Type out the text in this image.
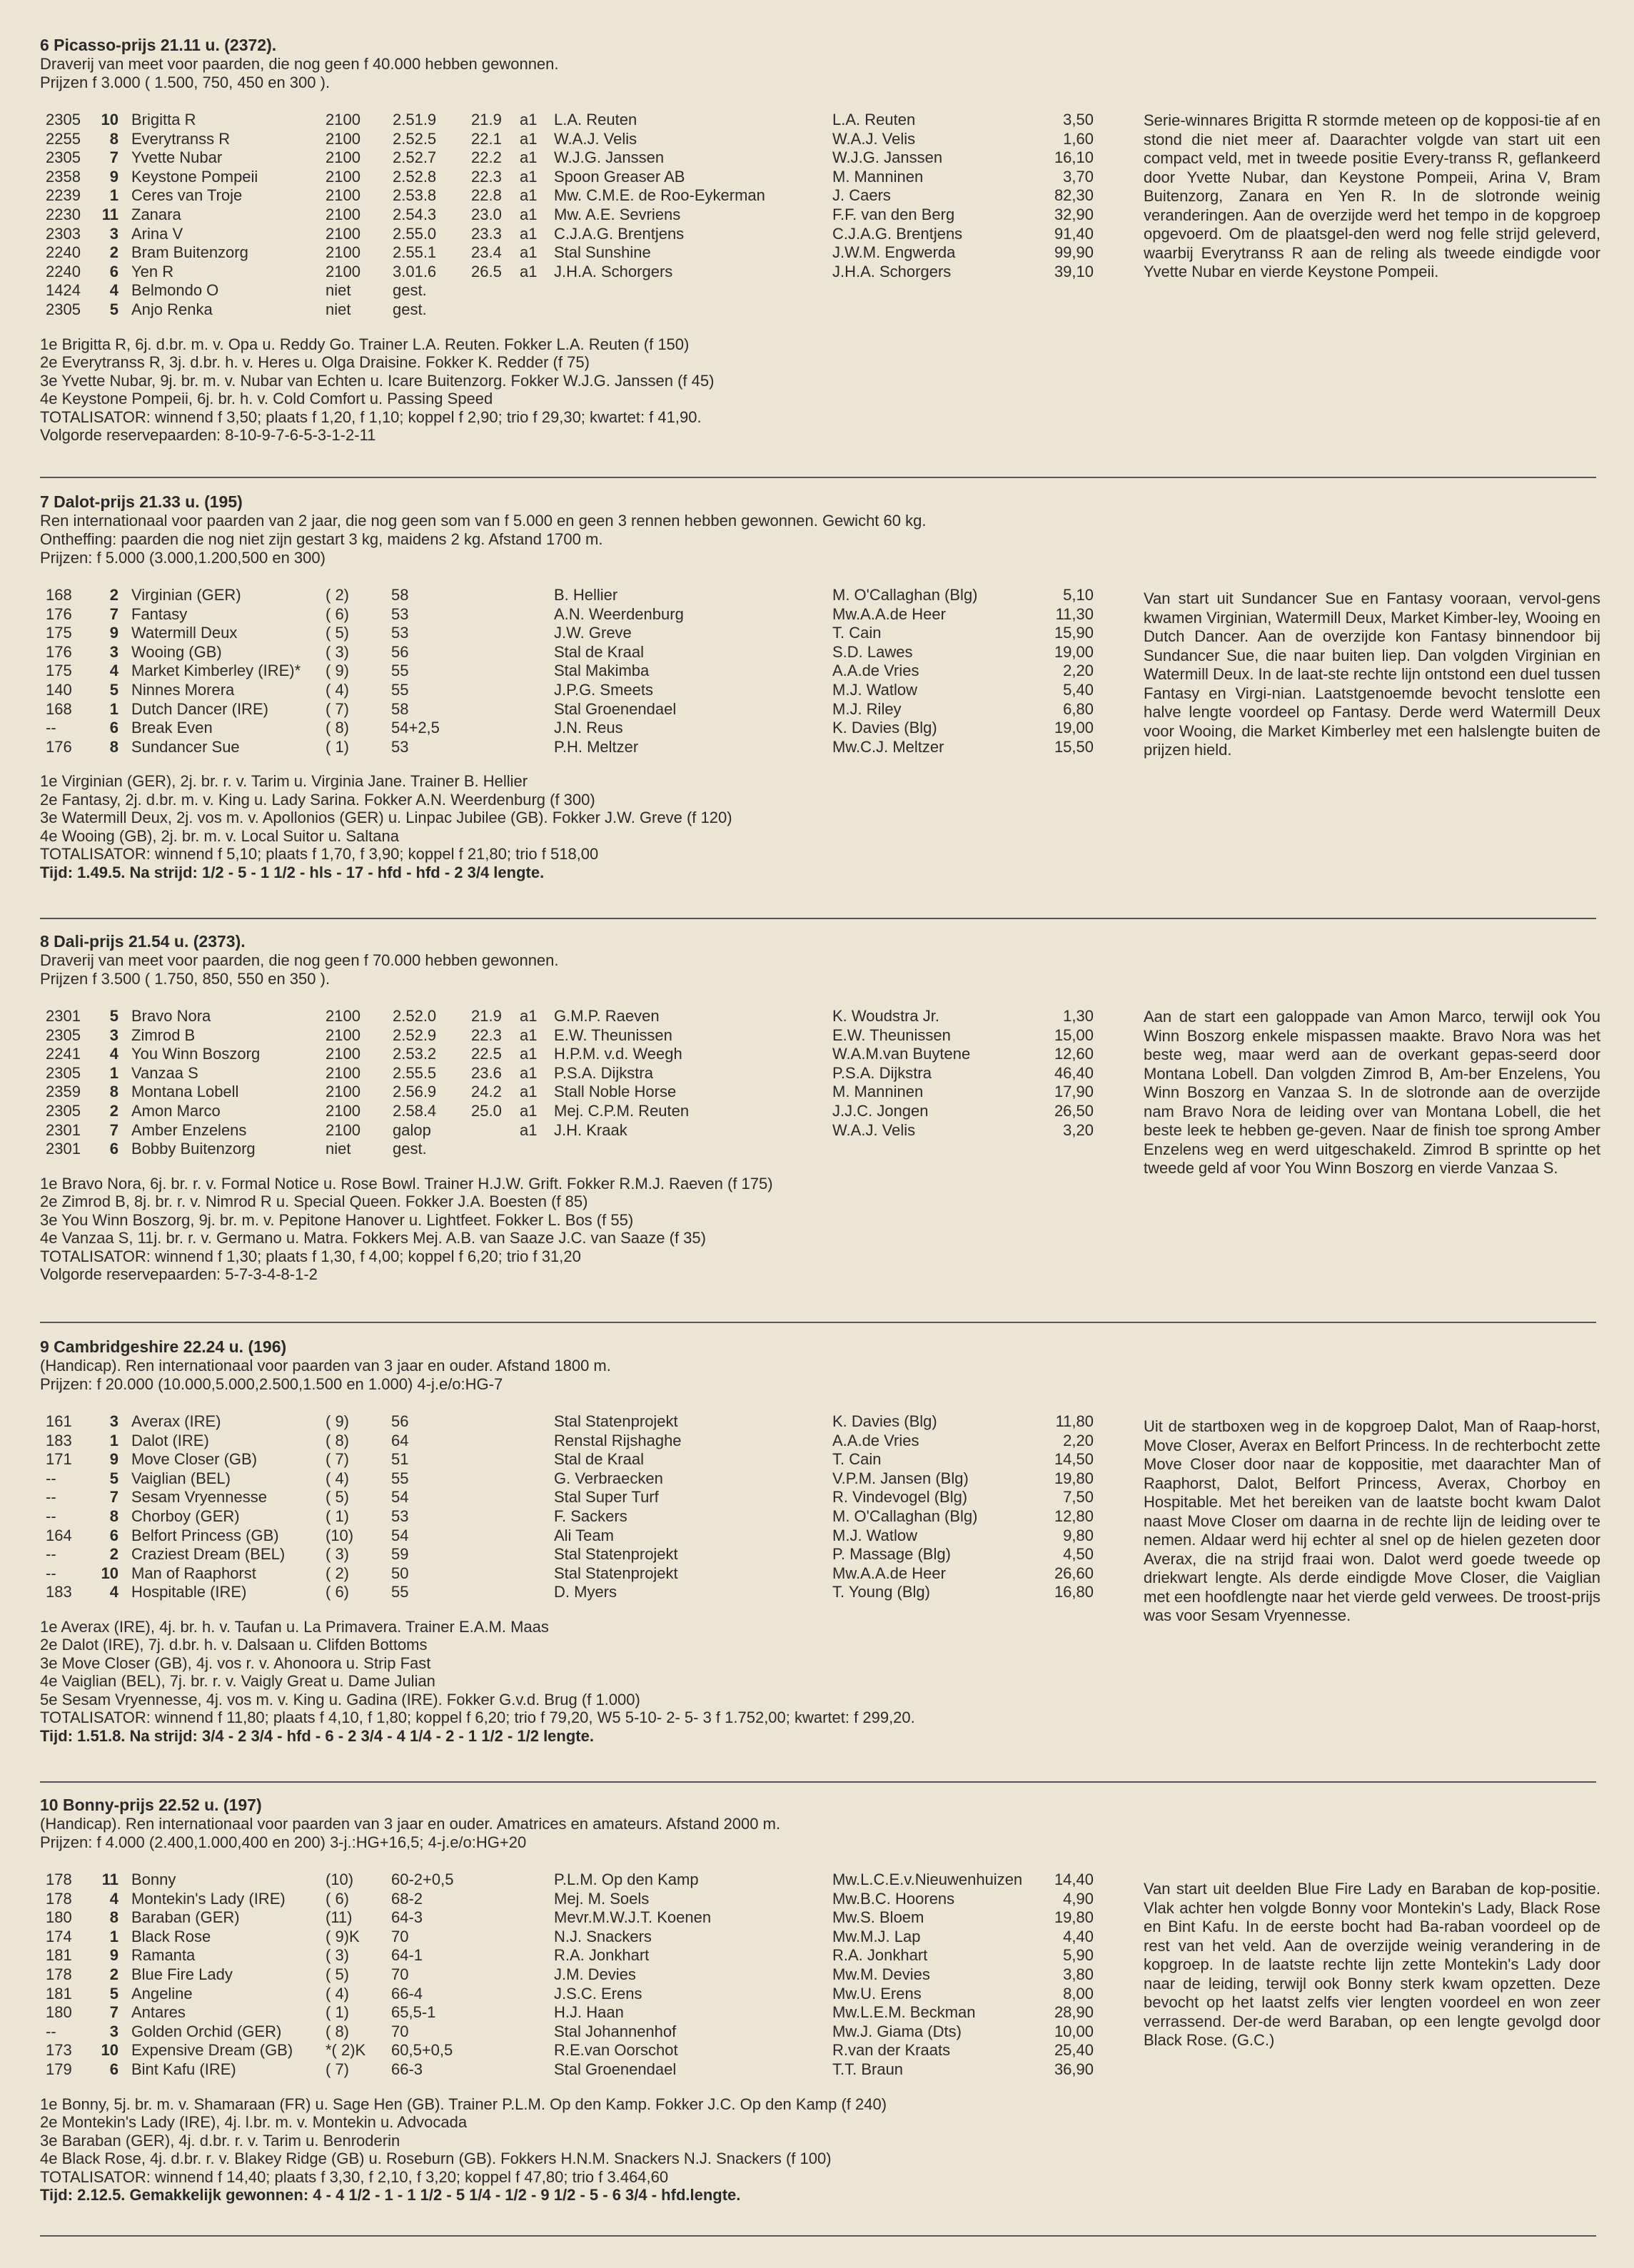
6 Picasso-prijs 21.11 u. (2372).
Draverij van meet voor paarden, die nog geen f 40.000 hebben gewonnen.
Prijzen f 3.000 ( 1.500, 750, 450 en 300 ).
2305	10 Brigitta R	2100 2.51.9 21.9 a1 L.A. Reuten	L.A. Reuten	3,50
2255	8 Everytranss R	2100 2.52.5 22.1 a1 W.A.J. Velis	W.A.J. Velis	1,60
2305	7 Yvette Nubar	2100 2.52.7 22.2 a1 W.J.G. Janssen	W.J.G. Janssen	16,10
2358	9 Keystone Pompeii	2100 2.52.8 22.3 a1 Spoon Greaser AB	M. Manninen	3,70
2239	1 Ceres van Troje	2100 2.53.8 22.8 a1 Mw. C.M.E. de Roo-Eykerman	J. Caers	82,30
2230	11 Zanara	2100 2.54.3 23.0 a1 Mw. A.E. Sevriens	F.F. van den Berg	32,90
2303	3 Arina V	2100 2.55.0 23.3 a1 C.J.A.G. Brentjens	C.J.A.G. Brentjens	91,40
2240	2 Bram Buitenzorg	2100 2.55.1 23.4 a1 Stal Sunshine	J.W.M. Engwerda	99,90
2240	6 Yen R	2100 3.01.6 26.5 a1 J.H.A. Schorgers	J.H.A. Schorgers	39,10
1424	4 Belmondo O	niet	gest.
2305	5 Anjo Renka	niet	gest.
1e Brigitta R, 6j. d.br. m. v. Opa u. Reddy Go. Trainer L.A. Reuten. Fokker L.A. Reuten (f 150)
2e Everytranss R, 3j. d.br. h. v. Heres u. Olga Draisine. Fokker K. Redder (f 75)
3e Yvette Nubar, 9j. br. m. v. Nubar van Echten u. Icare Buitenzorg. Fokker W.J.G. Janssen (f 45)
4e Keystone Pompeii, 6j. br. h. v. Cold Comfort u. Passing Speed
TOTALISATOR: winnend f 3,50; plaats f 1,20, f 1,10; koppel f 2,90; trio f 29,30; kwartet: f 41,90.
Volgorde reservepaarden: 8-10-9-7-6-5-3-1-2-11
Serie-winnares Brigitta R stormde meteen op de kopposi-tie af en stond die niet meer af. Daarachter volgde van start uit een compact veld, met in tweede positie Every-transs R, geflankeerd door Yvette Nubar, dan Keystone Pompeii, Arina V, Bram Buitenzorg, Zanara en Yen R. In de slotronde weinig veranderingen. Aan de overzijde werd het tempo in de kopgroep opgevoerd. Om de plaatsgel-den werd nog felle strijd geleverd, waarbij Everytranss R aan de reling als tweede eindigde voor Yvette Nubar en vierde Keystone Pompeii.
7 Dalot-prijs 21.33 u. (195)
Ren internationaal voor paarden van 2 jaar, die nog geen som van f 5.000 en geen 3 rennen hebben gewonnen. Gewicht 60 kg.
Ontheffing: paarden die nog niet zijn gestart 3 kg, maidens 2 kg. Afstand 1700 m.
Prijzen: f 5.000 (3.000,1.200,500 en 300)
168	2 Virginian (GER)	( 2)	58	B. Hellier	M. O'Callaghan (Blg)	5,10
176	7 Fantasy	( 6)	53	A.N. Weerdenburg	Mw.A.A.de Heer	11,30
175	9 Watermill Deux	( 5)	53	J.W. Greve	T. Cain	15,90
176	3 Wooing (GB)	( 3)	56	Stal de Kraal	S.D. Lawes	19,00
175	4 Market Kimberley (IRE)* ( 9)	55	Stal Makimba	A.A.de Vries	2,20
140	5 Ninnes Morera	( 4)	55	J.P.G. Smeets	M.J. Watlow	5,40
168	1 Dutch Dancer (IRE)	( 7)	58	Stal Groenendael	M.J. Riley	6,80
--	6 Break Even	( 8)	54+2,5	J.N. Reus	K. Davies (Blg)	19,00
176	8 Sundancer Sue	( 1)	53	P.H. Meltzer	Mw.C.J. Meltzer	15,50
1e Virginian (GER), 2j. br. r. v. Tarim u. Virginia Jane. Trainer B. Hellier
2e Fantasy, 2j. d.br. m. v. King u. Lady Sarina. Fokker A.N. Weerdenburg (f 300)
3e Watermill Deux, 2j. vos m. v. Apollonios (GER) u. Linpac Jubilee (GB). Fokker J.W. Greve (f 120)
4e Wooing (GB), 2j. br. m. v. Local Suitor u. Saltana
TOTALISATOR: winnend f 5,10; plaats f 1,70, f 3,90; koppel f 21,80; trio f 518,00
Tijd: 1.49.5. Na strijd: 1/2 - 5 - 1 1/2 - hls - 17 - hfd - hfd - 2 3/4 lengte.
Van start uit Sundancer Sue en Fantasy vooraan, vervol-gens kwamen Virginian, Watermill Deux, Market Kimber-ley, Wooing en Dutch Dancer. Aan de overzijde kon Fantasy binnendoor bij Sundancer Sue, die naar buiten liep. Dan volgden Virginian en Watermill Deux. In de laat-ste rechte lijn ontstond een duel tussen Fantasy en Virgi-nian. Laatstgenoemde bevocht tenslotte een halve lengte voordeel op Fantasy. Derde werd Watermill Deux voor Wooing, die Market Kimberley met een halslengte buiten de prijzen hield.
8 Dali-prijs 21.54 u. (2373).
Draverij van meet voor paarden, die nog geen f 70.000 hebben gewonnen.
Prijzen f 3.500 ( 1.750, 850, 550 en 350 ).
2301	5 Bravo Nora	2100 2.52.0 21.9 a1 G.M.P. Raeven	K. Woudstra Jr.	1,30
2305	3 Zimrod B	2100 2.52.9 22.3 a1 E.W. Theunissen	E.W. Theunissen	15,00
2241	4 You Winn Boszorg	2100 2.53.2 22.5 a1 H.P.M. v.d. Weegh	W.A.M.van Buytene	12,60
2305	1 Vanzaa S	2100 2.55.5 23.6 a1 P.S.A. Dijkstra	P.S.A. Dijkstra	46,40
2359	8 Montana Lobell	2100 2.56.9 24.2 a1 Stall Noble Horse	M. Manninen	17,90
2305	2 Amon Marco	2100 2.58.4 25.0 a1 Mej. C.P.M. Reuten	J.J.C. Jongen	26,50
2301	7 Amber Enzelens	2100 galop	a1 J.H. Kraak	W.A.J. Velis	3,20
2301	6 Bobby Buitenzorg	niet	gest.
1e Bravo Nora, 6j. br. r. v. Formal Notice u. Rose Bowl. Trainer H.J.W. Grift. Fokker R.M.J. Raeven (f 175)
2e Zimrod B, 8j. br. r. v. Nimrod R u. Special Queen. Fokker J.A. Boesten (f 85)
3e You Winn Boszorg, 9j. br. m. v. Pepitone Hanover u. Lightfeet. Fokker L. Bos (f 55)
4e Vanzaa S, 11j. br. r. v. Germano u. Matra. Fokkers Mej. A.B. van Saaze J.C. van Saaze (f 35)
TOTALISATOR: winnend f 1,30; plaats f 1,30, f 4,00; koppel f 6,20; trio f 31,20
Volgorde reservepaarden: 5-7-3-4-8-1-2
Aan de start een galoppade van Amon Marco, terwijl ook You Winn Boszorg enkele mispassen maakte. Bravo Nora was het beste weg, maar werd aan de overkant gepas-seerd door Montana Lobell. Dan volgden Zimrod B, Am-ber Enzelens, You Winn Boszorg en Vanzaa S. In de slotronde aan de overzijde nam Bravo Nora de leiding over van Montana Lobell, die het beste leek te hebben ge-geven. Naar de finish toe sprong Amber Enzelens weg en werd uitgeschakeld. Zimrod B sprintte op het tweede geld af voor You Winn Boszorg en vierde Vanzaa S.
9 Cambridgeshire 22.24 u. (196)
(Handicap). Ren internationaal voor paarden van 3 jaar en ouder. Afstand 1800 m.
Prijzen: f 20.000 (10.000,5.000,2.500,1.500 en 1.000) 4-j.e/o:HG-7
161	3 Averax (IRE)	( 9)	56	Stal Statenprojekt	K. Davies (Blg)	11,80
183	1 Dalot (IRE)	( 8)	64	Renstal Rijshaghe	A.A.de Vries	2,20
171	9 Move Closer (GB)	( 7)	51	Stal de Kraal	T. Cain	14,50
--	5 Vaiglian (BEL)	( 4)	55	G. Verbraecken	V.P.M. Jansen (Blg)	19,80
--	7 Sesam Vryennesse	( 5)	54	Stal Super Turf	R. Vindevogel (Blg)	7,50
--	8 Chorboy (GER)	( 1)	53	F. Sackers	M. O'Callaghan (Blg)	12,80
164	6 Belfort Princess (GB)	(10) 54	Ali Team	M.J. Watlow	9,80
--	2 Craziest Dream (BEL)	( 3)	59	Stal Statenprojekt	P. Massage (Blg)	4,50
--	10 Man of Raaphorst	( 2)	50	Stal Statenprojekt	Mw.A.A.de Heer	26,60
183	4 Hospitable (IRE)	( 6)	55	D. Myers	T. Young (Blg)	16,80
1e Averax (IRE), 4j. br. h. v. Taufan u. La Primavera. Trainer E.A.M. Maas
2e Dalot (IRE), 7j. d.br. h. v. Dalsaan u. Clifden Bottoms
3e Move Closer (GB), 4j. vos r. v. Ahonoora u. Strip Fast
4e Vaiglian (BEL), 7j. br. r. v. Vaigly Great u. Dame Julian
5e Sesam Vryennesse, 4j. vos m. v. King u. Gadina (IRE). Fokker G.v.d. Brug (f 1.000)
TOTALISATOR: winnend f 11,80; plaats f 4,10, f 1,80; koppel f 6,20; trio f 79,20, W5 5-10- 2- 5- 3 f 1.752,00; kwartet: f 299,20.
Tijd: 1.51.8. Na strijd: 3/4 - 2 3/4 - hfd - 6 - 2 3/4 - 4 1/4 - 2 - 1 1/2 - 1/2 lengte.
Uit de startboxen weg in de kopgroep Dalot, Man of Raap-horst, Move Closer, Averax en Belfort Princess. In de rechterbocht zette Move Closer door naar de koppositie, met daarachter Man of Raaphorst, Dalot, Belfort Princess, Averax, Chorboy en Hospitable. Met het bereiken van de laatste bocht kwam Dalot naast Move Closer om daarna in de rechte lijn de leiding over te nemen. Aldaar werd hij echter al snel op de hielen gezeten door Averax, die na strijd fraai won. Dalot werd goede tweede op driekwart lengte. Als derde eindigde Move Closer, die Vaiglian met een hoofdlengte naar het vierde geld verwees. De troost-prijs was voor Sesam Vryennesse.
10 Bonny-prijs 22.52 u. (197)
(Handicap). Ren internationaal voor paarden van 3 jaar en ouder. Amatrices en amateurs. Afstand 2000 m.
Prijzen: f 4.000 (2.400,1.000,400 en 200) 3-j.:HG+16,5; 4-j.e/o:HG+20
178	11 Bonny	(10) 60-2+0,5	P.L.M. Op den Kamp	Mw.L.C.E.v.Nieuwenhuizen	14,40
178	4 Montekin's Lady (IRE)	( 6)	68-2	Mej. M. Soels	Mw.B.C. Hoorens	4,90
180	8 Baraban (GER)	(11) 64-3	Mevr.M.W.J.T. Koenen	Mw.S. Bloem	19,80
174	1 Black Rose	( 9)K 70	N.J. Snackers	Mw.M.J. Lap	4,40
181	9 Ramanta	( 3)	64-1	R.A. Jonkhart	R.A. Jonkhart	5,90
178	2 Blue Fire Lady	( 5)	70	J.M. Devies	Mw.M. Devies	3,80
181	5 Angeline	( 4)	66-4	J.S.C. Erens	Mw.U. Erens	8,00
180	7 Antares	( 1)	65,5-1	H.J. Haan	Mw.L.E.M. Beckman	28,90
--	3 Golden Orchid (GER)	( 8)	70	Stal Johannenhof	Mw.J. Giama (Dts)	10,00
173	10 Expensive Dream (GB) *( 2)K 60,5+0,5	R.E.van Oorschot	R.van der Kraats	25,40
179	6 Bint Kafu (IRE)	( 7)	66-3	Stal Groenendael	T.T. Braun	36,90
1e Bonny, 5j. br. m. v. Shamaraan (FR) u. Sage Hen (GB). Trainer P.L.M. Op den Kamp. Fokker J.C. Op den Kamp (f 240)
2e Montekin's Lady (IRE), 4j. l.br. m. v. Montekin u. Advocada
3e Baraban (GER), 4j. d.br. r. v. Tarim u. Benroderin
4e Black Rose, 4j. d.br. r. v. Blakey Ridge (GB) u. Roseburn (GB). Fokkers H.N.M. Snackers N.J. Snackers (f 100)
TOTALISATOR: winnend f 14,40; plaats f 3,30, f 2,10, f 3,20; koppel f 47,80; trio f 3.464,60
Tijd: 2.12.5. Gemakkelijk gewonnen: 4 - 4 1/2 - 1 - 1 1/2 - 5 1/4 - 1/2 - 9 1/2 - 5 - 6 3/4 - hfd.lengte.
Van start uit deelden Blue Fire Lady en Baraban de kop-positie. Vlak achter hen volgde Bonny voor Montekin's Lady, Black Rose en Bint Kafu. In de eerste bocht had Ba-raban voordeel op de rest van het veld. Aan de overzijde weinig verandering in de kopgroep. In de laatste rechte lijn zette Montekin's Lady door naar de leiding, terwijl ook Bonny sterk kwam opzetten. Deze bevocht op het laatst zelfs vier lengten voordeel en won zeer verrassend. Der-de werd Baraban, op een lengte gevolgd door Black Rose. (G.C.)
